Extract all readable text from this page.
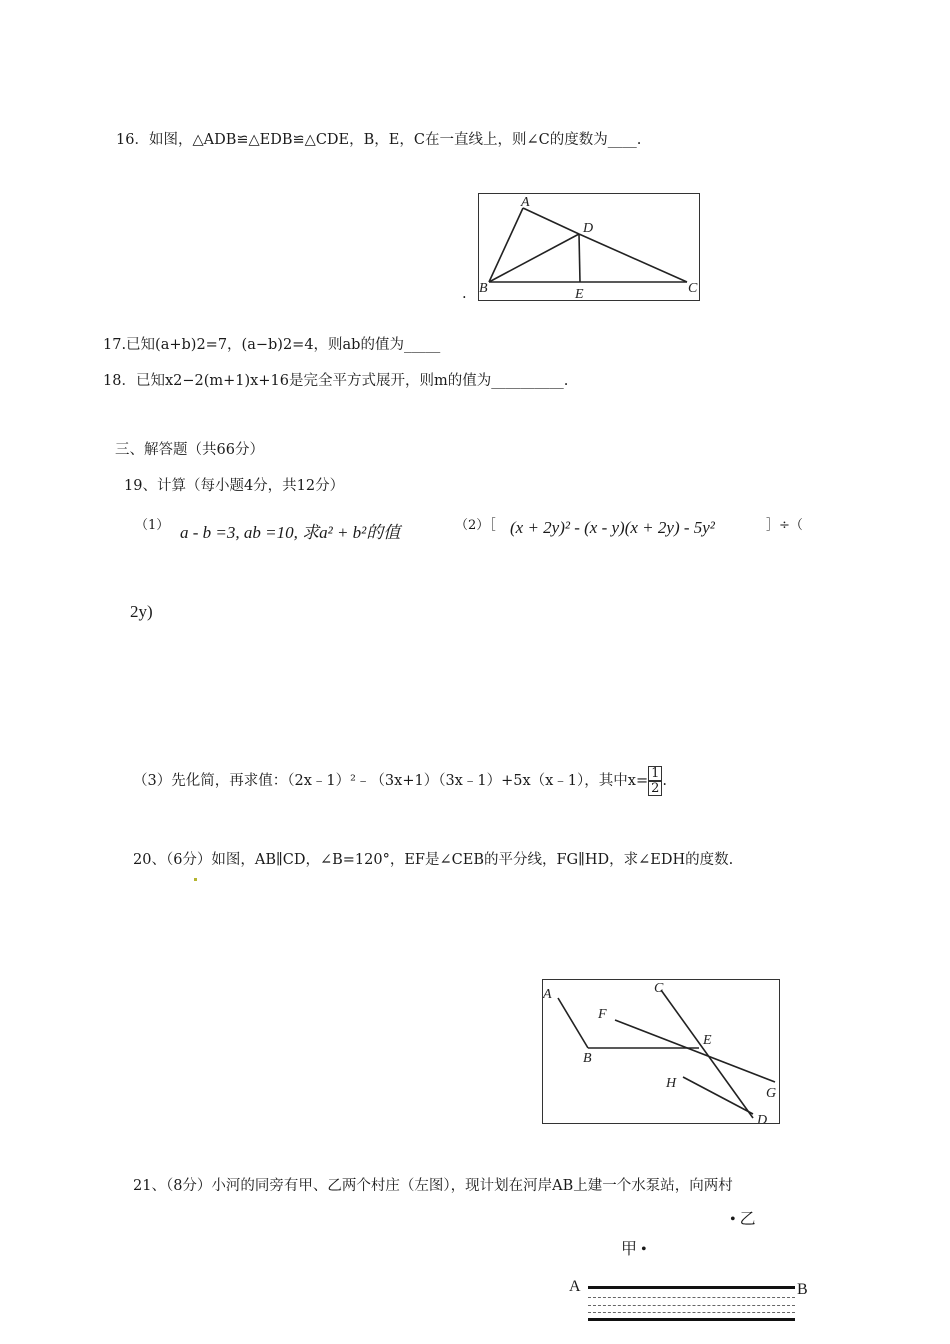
16．如图，△ADB≌△EDB≌△CDE，B，E，C在一直线上，则∠C的度数为____.
A
B	C
D
E
.
17.已知(a+b)2=7，(a−b)2=4，则ab的值为_____
18．已知x2−2(m+1)x+16是完全平方式展开，则m的值为__________.
三、解答题（共66分）
19、计算（每小题4分，共12分）
（1） a - b =3, ab =10, 求a² + b²的值	（2）［ (x + 2y)² - (x - y)(x + 2y) - 5y²	］÷（
2y)
（3）先化简，再求值：（2x﹣1）²﹣（3x+1）（3x﹣1）+5x（x﹣1），其中$x= \frac{1}{2}$ .
20、（6分）如图，AB∥CD，∠B=120°，EF是∠CEB的平分线，FG∥HD，求∠EDH的度数.
A
B
C
D
E
F
G
H
21、（8分）小河的同旁有甲、乙两个村庄（左图），现计划在河岸AB上建一个水泵站，向两村
• 乙
甲 •
A	B
